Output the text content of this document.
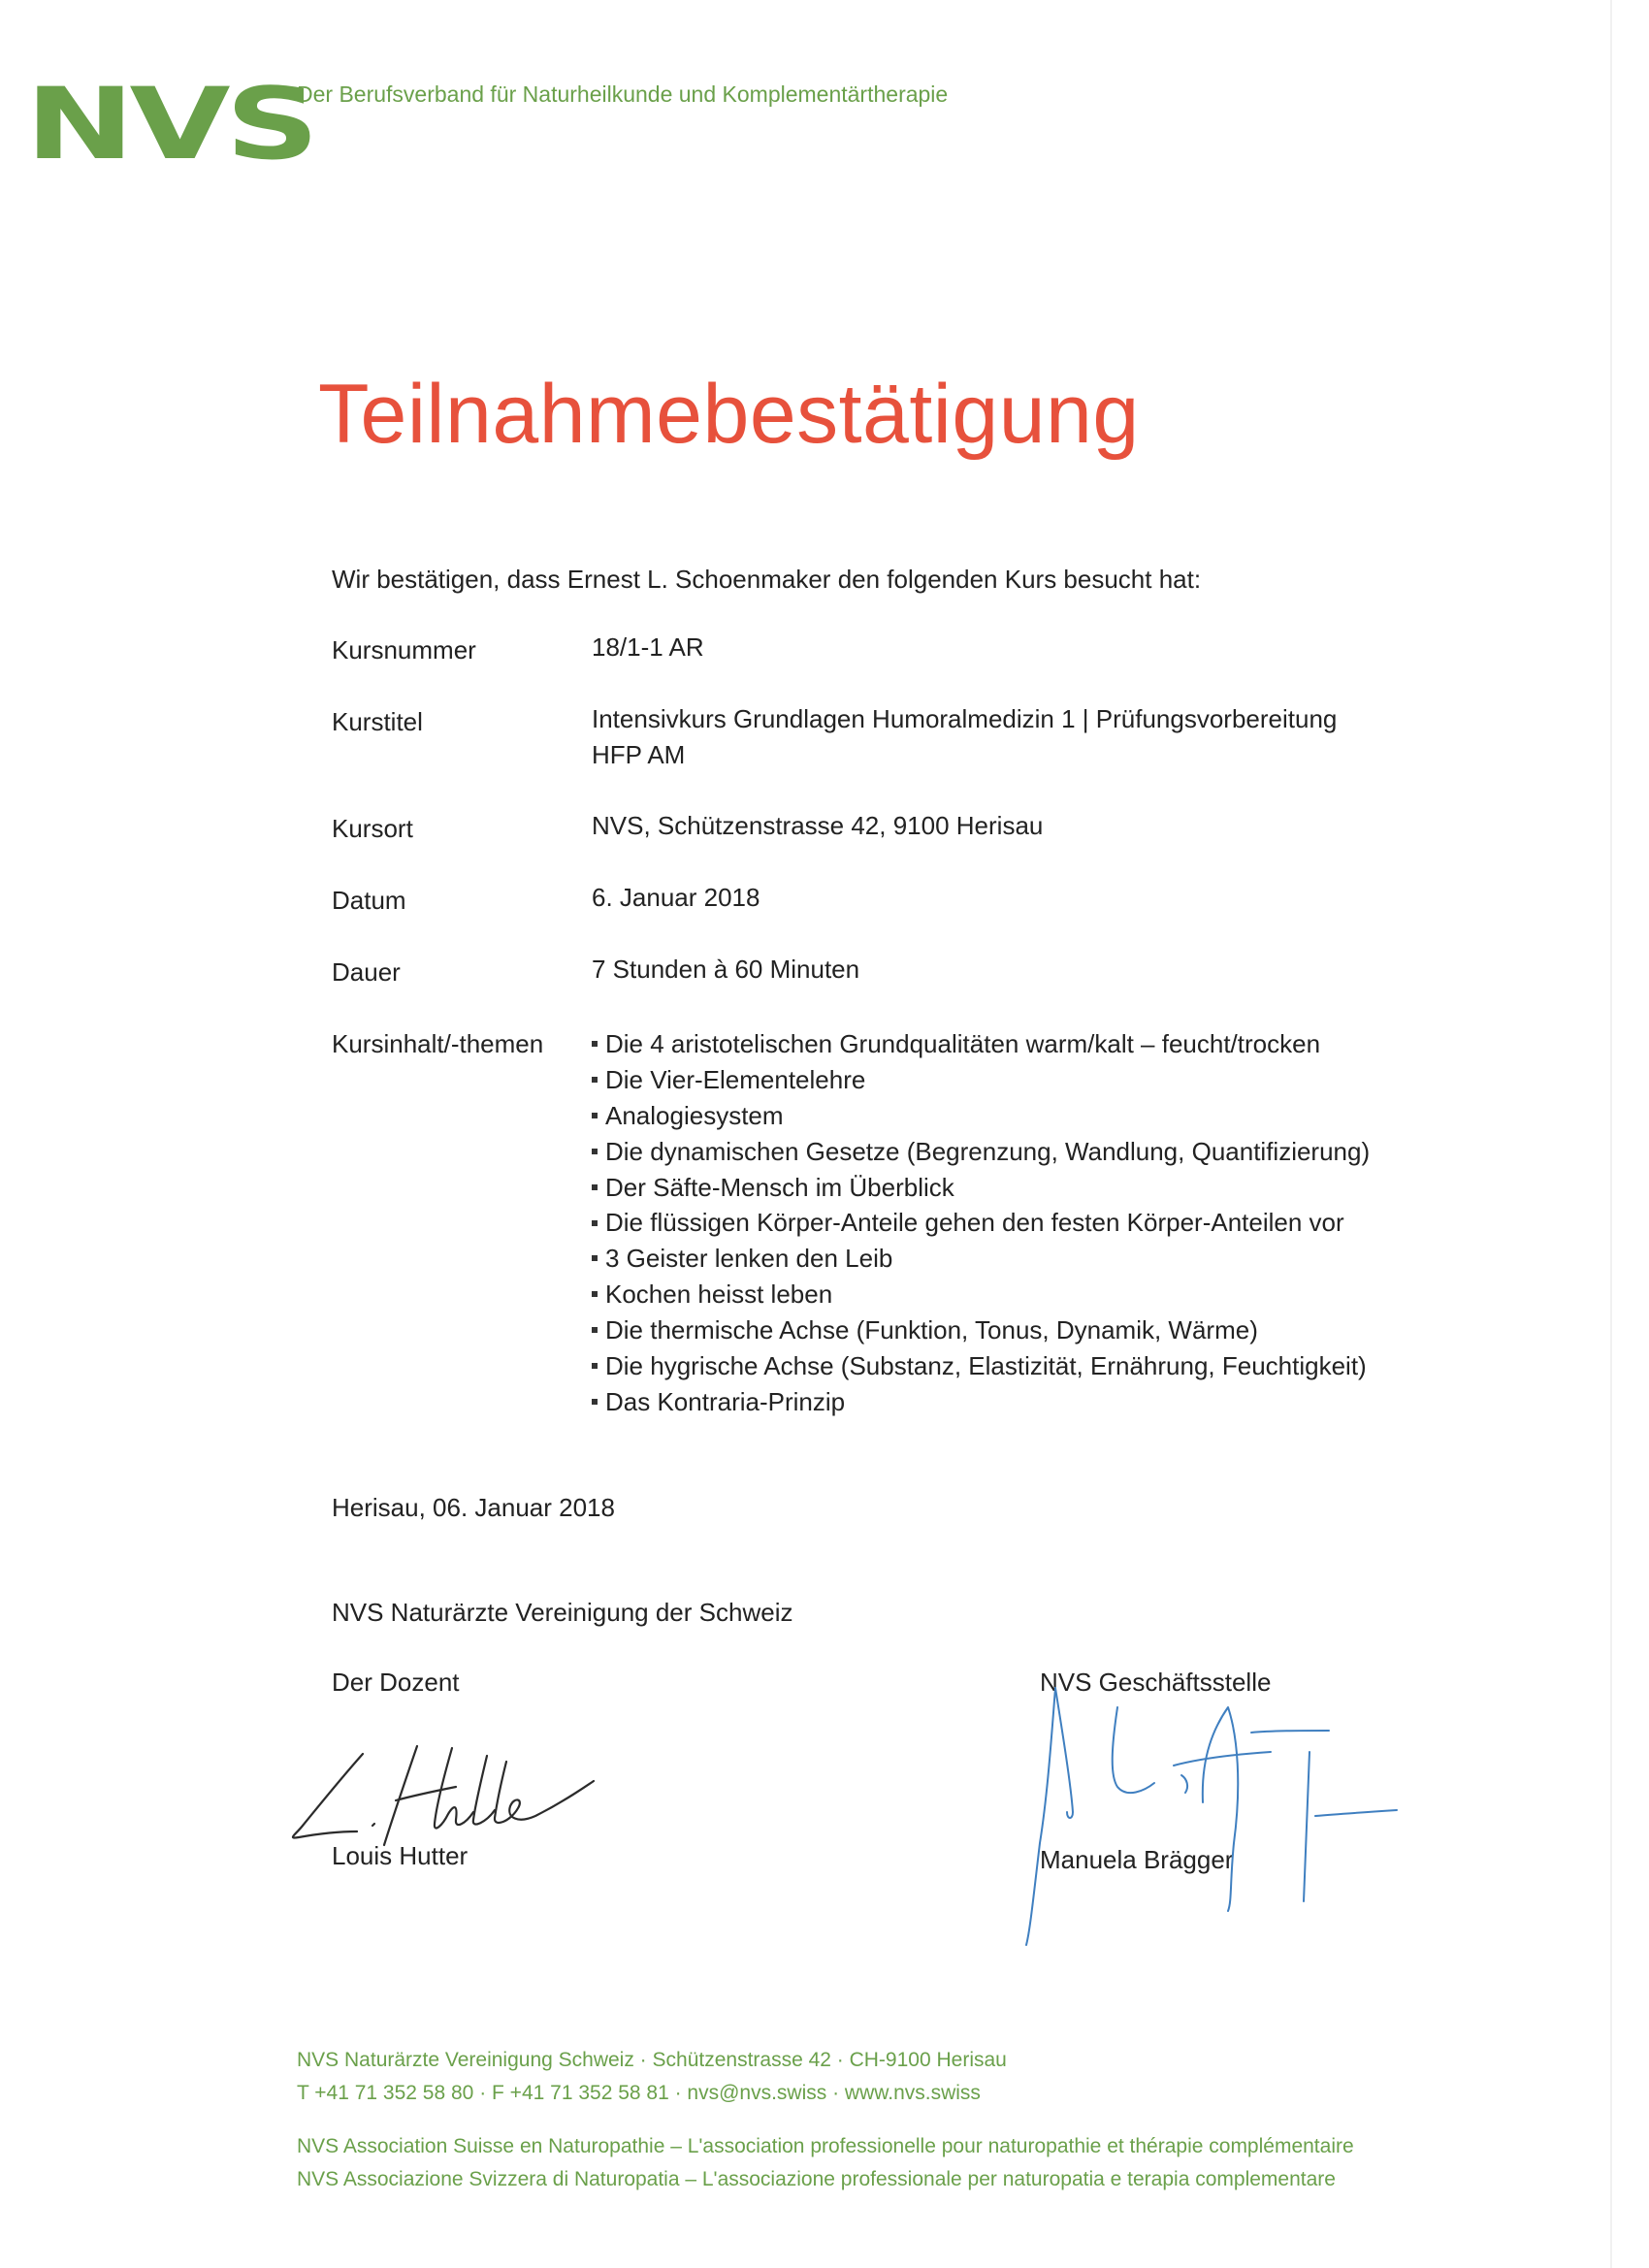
NVS
Der Berufsverband für Naturheilkunde und Komplementärtherapie
Teilnahmebestätigung
Wir bestätigen, dass Ernest L. Schoenmaker den folgenden Kurs besucht hat:
Kursnummer	18/1-1 AR
Kurstitel	Intensivkurs Grundlagen Humoralmedizin 1 | Prüfungsvorbereitung
HFP AM
Kursort	NVS, Schützenstrasse 42, 9100 Herisau
Datum	6. Januar 2018
Dauer	7 Stunden à 60 Minuten
Kursinhalt/-themen	Die 4 aristotelischen Grundqualitäten warm/kalt – feucht/trocken
Die Vier-Elementelehre
Analogiesystem
Die dynamischen Gesetze (Begrenzung, Wandlung, Quantifizierung)
Der Säfte-Mensch im Überblick
Die flüssigen Körper-Anteile gehen den festen Körper-Anteilen vor
3 Geister lenken den Leib
Kochen heisst leben
Die thermische Achse (Funktion, Tonus, Dynamik, Wärme)
Die hygrische Achse (Substanz, Elastizität, Ernährung, Feuchtigkeit)
Das Kontraria-Prinzip
Herisau, 06. Januar 2018
NVS Naturärzte Vereinigung der Schweiz
Der Dozent
Louis Hutter
NVS Geschäftsstelle
Manuela Brägger
NVS Naturärzte Vereinigung Schweiz · Schützenstrasse 42 · CH-9100 Herisau
T +41 71 352 58 80 · F +41 71 352 58 81 · nvs@nvs.swiss · www.nvs.swiss
NVS Association Suisse en Naturopathie – L'association professionelle pour naturopathie et thérapie complémentaire
NVS Associazione Svizzera di Naturopatia – L'associazione professionale per naturopatia e terapia complementare
